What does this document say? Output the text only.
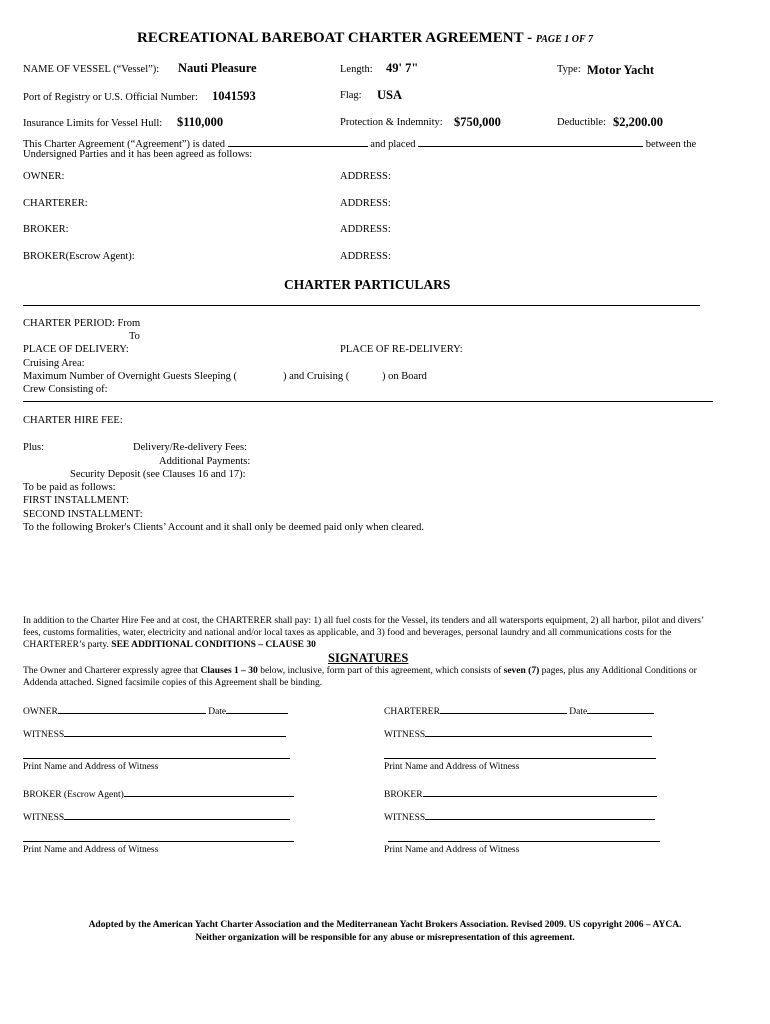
RECREATIONAL BAREBOAT CHARTER AGREEMENT - PAGE 1 OF 7
NAME OF VESSEL (“Vessel”): Nauti Pleasure	Length: 49' 7"	Type: Motor Yacht
Port of Registry or U.S. Official Number: 1041593	Flag: USA
Insurance Limits for Vessel Hull: $110,000	Protection & Indemnity: $750,000	Deductible: $2,200.00
This Charter Agreement (“Agreement”) is dated	and placed	between the
Undersigned Parties and it has been agreed as follows:
OWNER:	ADDRESS:
CHARTERER:	ADDRESS:
BROKER:	ADDRESS:
BROKER(Escrow Agent):	ADDRESS:
CHARTER PARTICULARS
CHARTER PERIOD: From
To
PLACE OF DELIVERY:	PLACE OF RE-DELIVERY:
Cruising Area:
Maximum Number of Overnight Guests Sleeping (	) and Cruising (	) on Board
Crew Consisting of:
CHARTER HIRE FEE:
Plus:	Delivery/Re-delivery Fees:
Additional Payments:
Security Deposit (see Clauses 16 and 17):
To be paid as follows:
FIRST INSTALLMENT:
SECOND INSTALLMENT:
To the following Broker's Clients’ Account and it shall only be deemed paid only when cleared.
In addition to the Charter Hire Fee and at cost, the CHARTERER shall pay: 1) all fuel costs for the Vessel, its tenders and all watersports equipment, 2) all harbor, pilot and divers’ fees, customs formalities, water, electricity and national and/or local taxes as applicable, and 3) food and beverages, personal laundry and all communications costs for the CHARTERER’s party. SEE ADDITIONAL CONDITIONS – CLAUSE 30
SIGNATURES
The Owner and Charterer expressly agree that Clauses 1 – 30 below, inclusive, form part of this agreement, which consists of seven (7) pages, plus any Additional Conditions or Addenda attached. Signed facsimile copies of this Agreement shall be binding.
OWNER	Date	CHARTERER	Date
WITNESS	WITNESS
Print Name and Address of Witness	Print Name and Address of Witness
BROKER (Escrow Agent)	BROKER
WITNESS	WITNESS
Print Name and Address of Witness	Print Name and Address of Witness
Adopted by the American Yacht Charter Association and the Mediterranean Yacht Brokers Association. Revised 2009. US copyright 2006 – AYCA.
Neither organization will be responsible for any abuse or misrepresentation of this agreement.
